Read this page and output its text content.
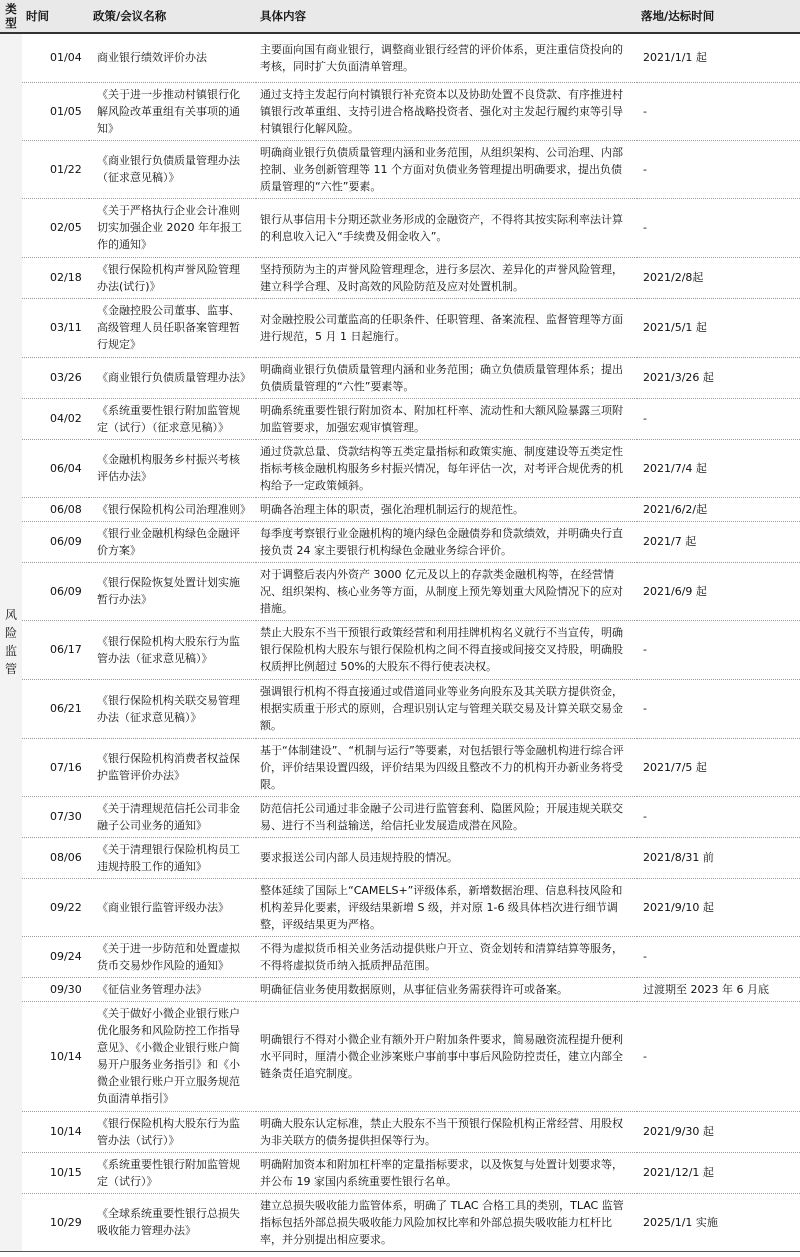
类型	时间	政策/会议名称	具体内容	落地/达标时间
风险监管	01/04	商业银行绩效评价办法	主要面向国有商业银行，调整商业银行经营的评价体系，更注重信贷投向的考核，同时扩大负面清单管理。	2021/1/1 起
	01/05	《关于进一步推动村镇银行化解风险改革重组有关事项的通知》	通过支持主发起行向村镇银行补充资本以及协助处置不良贷款、有序推进村镇银行改革重组、支持引进合格战略投资者、强化对主发起行履约束等引导村镇银行化解风险。	-
	01/22	《商业银行负债质量管理办法（征求意见稿）》	明确商业银行负债质量管理内涵和业务范围，从组织架构、公司治理、内部控制、业务创新管理等 11 个方面对负债业务管理提出明确要求，提出负债质量管理的“六性”要素。	-
	02/05	《关于严格执行企业会计准则切实加强企业 2020 年年报工作的通知》	银行从事信用卡分期还款业务形成的金融资产，不得将其按实际利率法计算的利息收入记入“手续费及佣金收入”。	-
	02/18	《银行保险机构声誉风险管理办法(试行)》	坚持预防为主的声誉风险管理理念，进行多层次、差异化的声誉风险管理，建立科学合理、及时高效的风险防范及应对处置机制。	2021/2/8起
	03/11	《金融控股公司董事、监事、高级管理人员任职备案管理暂行规定》	对金融控股公司董监高的任职条件、任职管理、备案流程、监督管理等方面进行规范，5 月 1 日起施行。	2021/5/1 起
	03/26	《商业银行负债质量管理办法》	明确商业银行负债质量管理内涵和业务范围；确立负债质量管理体系；提出负债质量管理的“六性”要素等。	2021/3/26 起
	04/02	《系统重要性银行附加监管规定（试行）（征求意见稿）》	明确系统重要性银行附加资本、附加杠杆率、流动性和大额风险暴露三项附加监管要求，加强宏观审慎管理。	-
	06/04	《金融机构服务乡村振兴考核评估办法》	通过贷款总量、贷款结构等五类定量指标和政策实施、制度建设等五类定性指标考核金融机构服务乡村振兴情况，每年评估一次，对考评合规优秀的机构给予一定政策倾斜。	2021/7/4 起
	06/08	《银行保险机构公司治理准则》	明确各治理主体的职责，强化治理机制运行的规范性。	2021/6/2/起
	06/09	《银行业金融机构绿色金融评价方案》	每季度考察银行业金融机构的境内绿色金融债券和贷款绩效，并明确央行直接负责 24 家主要银行机构绿色金融业务综合评价。	2021/7 起
	06/09	《银行保险恢复处置计划实施暂行办法》	对于调整后表内外资产 3000 亿元及以上的存款类金融机构等，在经营情况、组织架构、核心业务等方面，从制度上预先筹划重大风险情况下的应对措施。	2021/6/9 起
	06/17	《银行保险机构大股东行为监管办法（征求意见稿）》	禁止大股东不当干预银行政策经营和利用挂牌机构名义就行不当宣传，明确银行保险机构大股东与银行保险机构之间不得直接或间接交叉持股，明确股权质押比例超过 50%的大股东不得行使表决权。	-
	06/21	《银行保险机构关联交易管理办法（征求意见稿）》	强调银行机构不得直接通过或借道同业等业务向股东及其关联方提供资金，根据实质重于形式的原则，合理识别认定与管理关联交易及计算关联交易金额。	-
	07/16	《银行保险机构消费者权益保护监管评价办法》	基于“体制建设”、“机制与运行”等要素，对包括银行等金融机构进行综合评价，评价结果设置四级，评价结果为四级且整改不力的机构开办新业务将受限。	2021/7/5 起
	07/30	《关于清理规范信托公司非金融子公司业务的通知》	防范信托公司通过非金融子公司进行监管套利、隐匿风险；开展违规关联交易、进行不当利益输送，给信托业发展造成潜在风险。	-
	08/06	《关于清理银行保险机构员工违规持股工作的通知》	要求报送公司内部人员违规持股的情况。	2021/8/31 前
	09/22	《商业银行监管评级办法》	整体延续了国际上“CAMELS+”评级体系，新增数据治理、信息科技风险和机构差异化要素，评级结果新增 S 级，并对原 1-6 级具体档次进行细节调整，评级结果更为严格。	2021/9/10 起
	09/24	《关于进一步防范和处置虚拟货币交易炒作风险的通知》	不得为虚拟货币相关业务活动提供账户开立、资金划转和清算结算等服务，不得将虚拟货币纳入抵质押品范围。	-
	09/30	《征信业务管理办法》	明确征信业务使用数据原则，从事征信业务需获得许可或备案。	过渡期至 2023 年 6 月底
	10/14	《关于做好小微企业银行账户优化服务和风险防控工作指导意见》、《小微企业银行账户简易开户服务业务指引》和《小微企业银行账户开立服务规范负面清单指引》	明确银行不得对小微企业有额外开户附加条件要求，简易融资流程提升便利水平同时，厘清小微企业涉案账户事前事中事后风险防控责任，建立内部全链条责任追究制度。	-
	10/14	《银行保险机构大股东行为监管办法（试行）》	明确大股东认定标准，禁止大股东不当干预银行保险机构正常经营、用股权为非关联方的债务提供担保等行为。	2021/9/30 起
	10/15	《系统重要性银行附加监管规定（试行）》	明确附加资本和附加杠杆率的定量指标要求，以及恢复与处置计划要求等，并公布 19 家国内系统重要性银行名单。	2021/12/1 起
	10/29	《全球系统重要性银行总损失吸收能力管理办法》	建立总损失吸收能力监管体系，明确了 TLAC 合格工具的类别，TLAC 监管指标包括外部总损失吸收能力风险加权比率和外部总损失吸收能力杠杆比率，并分别提出相应要求。	2025/1/1 实施
